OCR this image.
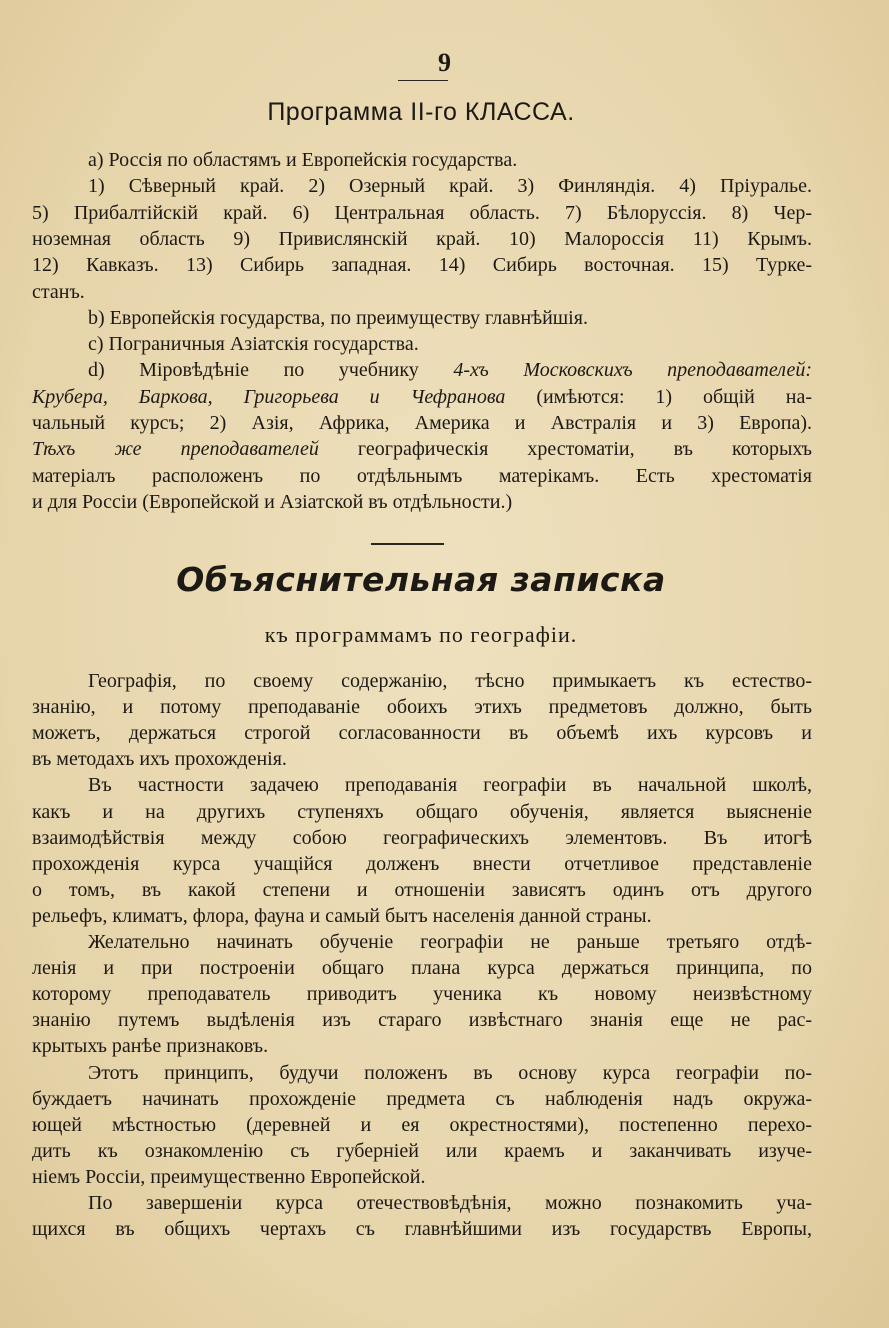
9
Программа II-го КЛАССА.
a) Россія по областямъ и Европейскія государства.
1) Сѣверный край. 2) Озерный край. 3) Финляндія. 4) Пріуралье.
5) Прибалтійскій край. 6) Центральная область. 7) Бѣлоруссія. 8) Чер-
ноземная область 9) Привислянскій край. 10) Малороссія 11) Крымъ.
12) Кавказъ. 13) Сибирь западная. 14) Сибирь восточная. 15) Турке-
станъ.
b) Европейскія государства, по преимуществу главнѣйшія.
c) Пограничныя Азіатскія государства.
d) Міровѣдѣніе по учебнику 4-хъ Московскихъ преподавателей:
Крубера, Баркова, Григорьева и Чефранова (имѣются: 1) общій на-
чальный курсъ; 2) Азія, Африка, Америка и Австралія и 3) Европа).
Тѣхъ же преподавателей географическія хрестоматіи, въ которыхъ
матеріалъ расположенъ по отдѣльнымъ матерікамъ. Есть хрестоматія
и для Россіи (Европейской и Азіатской въ отдѣльности.)
Объяснительная записка
къ программамъ по географіи.
Географія, по своему содержанію, тѣсно примыкаетъ къ естество-
знанію, и потому преподаваніе обоихъ этихъ предметовъ должно, быть
можетъ, держаться строгой согласованности въ объемѣ ихъ курсовъ и
въ методахъ ихъ прохожденія.
Въ частности задачею преподаванія географіи въ начальной школѣ,
какъ и на другихъ ступеняхъ общаго обученія, является выясненіе
взаимодѣйствія между собою географическихъ элементовъ. Въ итогѣ
прохожденія курса учащійся долженъ внести отчетливое представленіе
о томъ, въ какой степени и отношеніи зависятъ одинъ отъ другого
рельефъ, климатъ, флора, фауна и самый бытъ населенія данной страны.
Желательно начинать обученіе географіи не раньше третьяго отдѣ-
ленія и при построеніи общаго плана курса держаться принципа, по
которому преподаватель приводитъ ученика къ новому неизвѣстному
знанію путемъ выдѣленія изъ стараго извѣстнаго знанія еще не рас-
крытыхъ ранѣе признаковъ.
Этотъ принципъ, будучи положенъ въ основу курса географіи по-
буждаетъ начинать прохожденіе предмета съ наблюденія надъ окружа-
ющей мѣстностью (деревней и ея окрестностями), постепенно перехо-
дить къ ознакомленію съ губерніей или краемъ и заканчивать изуче-
ніемъ Россіи, преимущественно Европейской.
По завершеніи курса отечествовѣдѣнія, можно познакомить уча-
щихся въ общихъ чертахъ съ главнѣйшими изъ государствъ Европы,
